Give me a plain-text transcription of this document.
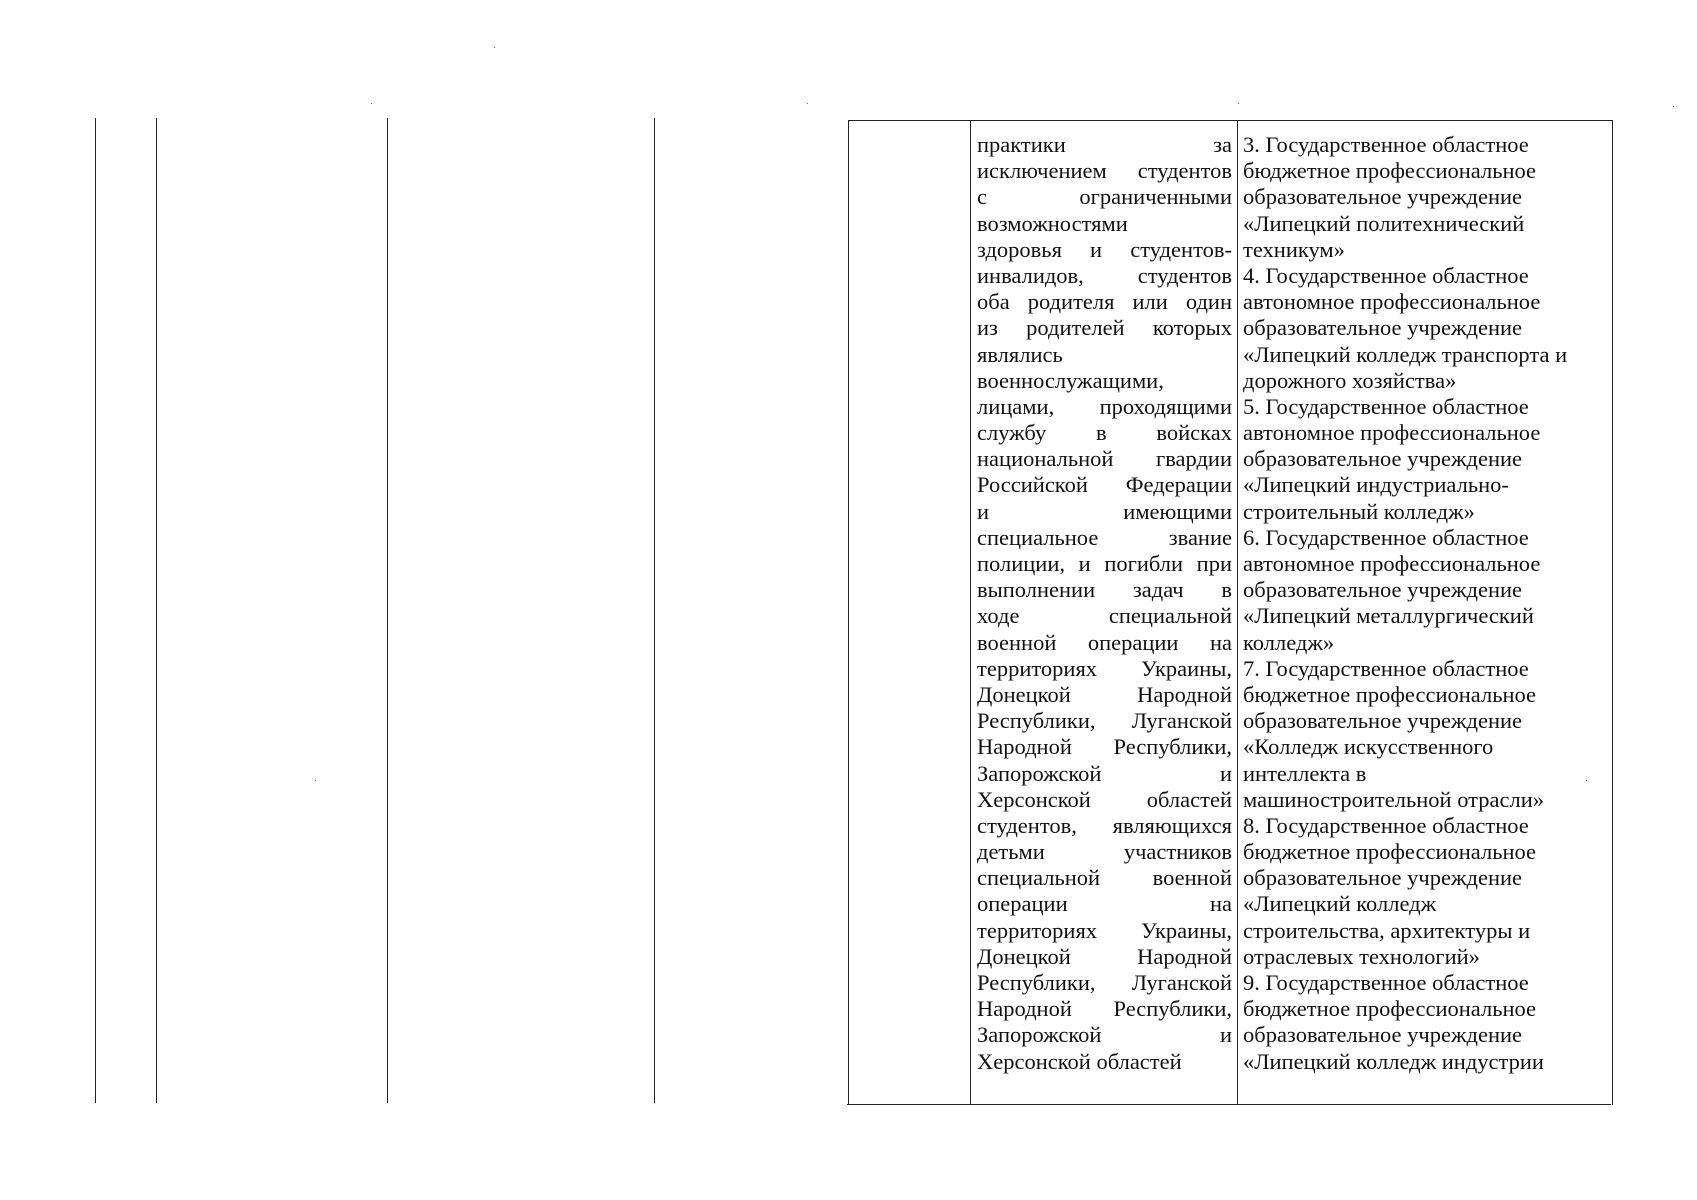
практики за
исключением студентов
с ограниченными
возможностями
здоровья и студентов-
инвалидов, студентов
оба родителя или один
из родителей которых
являлись
военнослужащими,
лицами, проходящими
службу в войсках
национальной гвардии
Российской Федерации
и имеющими
специальное звание
полиции, и погибли при
выполнении задач в
ходе специальной
военной операции на
территориях Украины,
Донецкой Народной
Республики, Луганской
Народной Республики,
Запорожской и
Херсонской областей
студентов, являющихся
детьми участников
специальной военной
операции на
территориях Украины,
Донецкой Народной
Республики, Луганской
Народной Республики,
Запорожской и
Херсонской областей
3. Государственное областное
бюджетное профессиональное
образовательное учреждение
«Липецкий политехнический
техникум»
4. Государственное областное
автономное профессиональное
образовательное учреждение
«Липецкий колледж транспорта и
дорожного хозяйства»
5. Государственное областное
автономное профессиональное
образовательное учреждение
«Липецкий индустриально-
строительный колледж»
6. Государственное областное
автономное профессиональное
образовательное учреждение
«Липецкий металлургический
колледж»
7. Государственное областное
бюджетное профессиональное
образовательное учреждение
«Колледж искусственного
интеллекта в
машиностроительной отрасли»
8. Государственное областное
бюджетное профессиональное
образовательное учреждение
«Липецкий колледж
строительства, архитектуры и
отраслевых технологий»
9. Государственное областное
бюджетное профессиональное
образовательное учреждение
«Липецкий колледж индустрии
